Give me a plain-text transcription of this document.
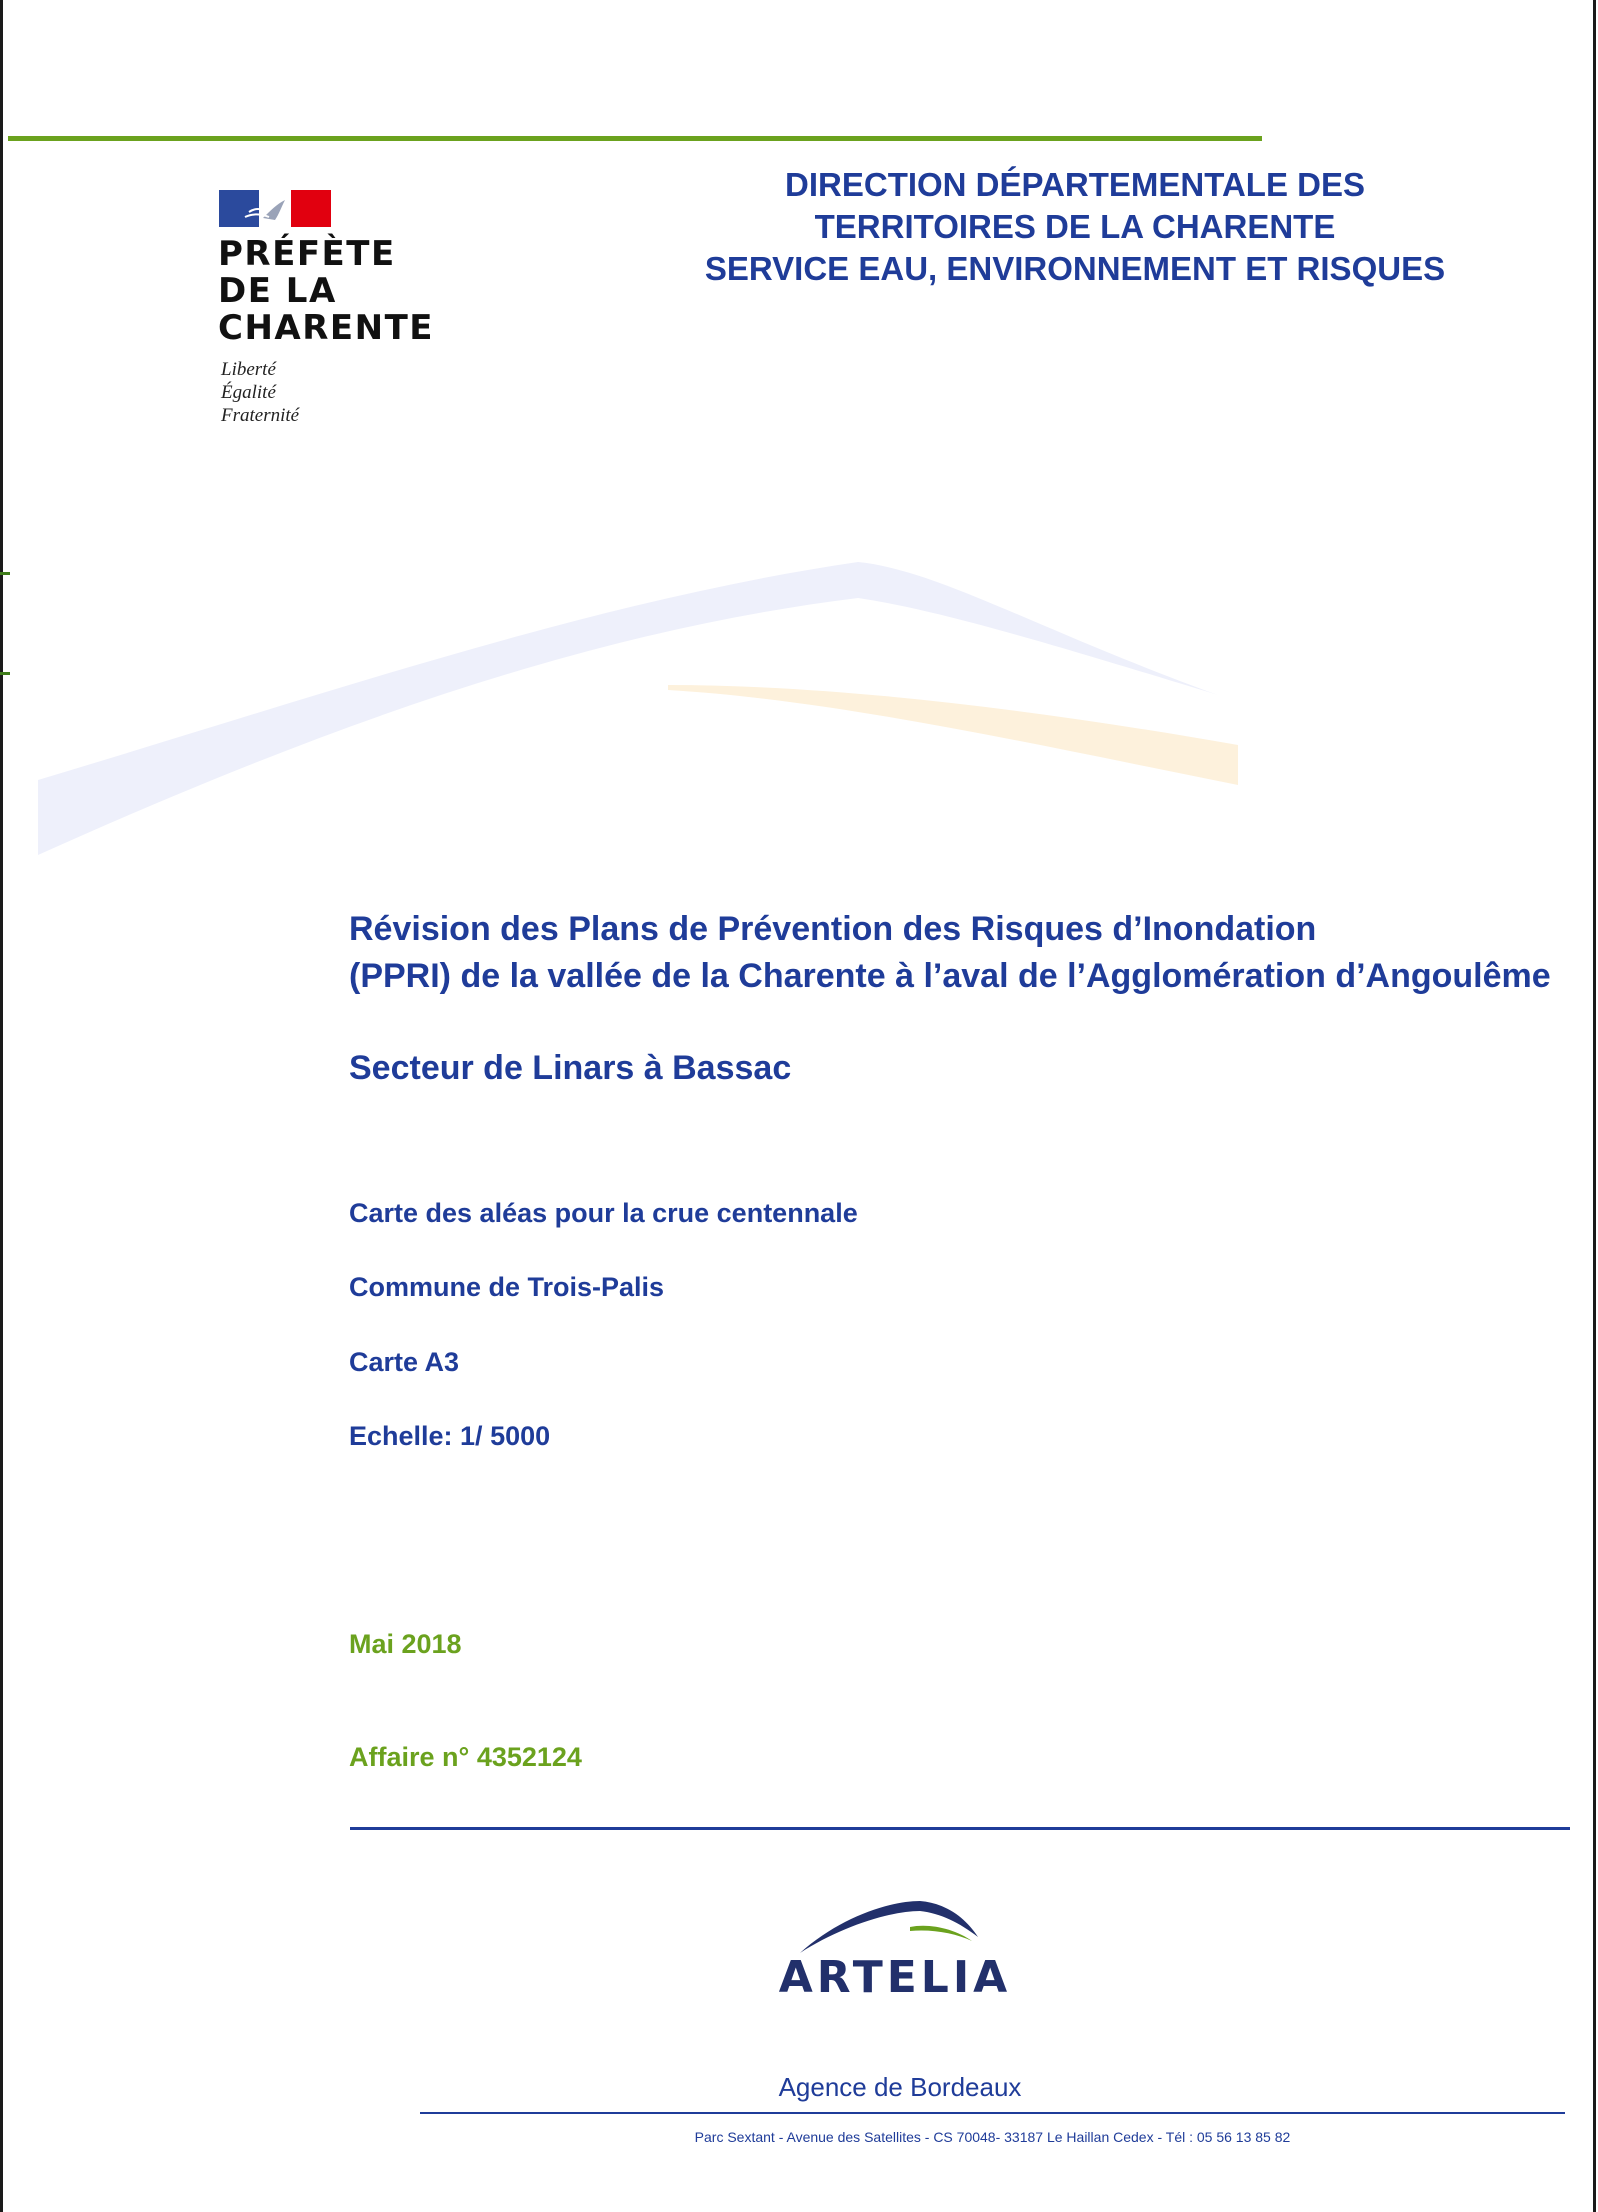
PRÉFÈTE
DE LA
CHARENTE
Liberté
Égalité
Fraternité
DIRECTION DÉPARTEMENTALE DES
TERRITOIRES DE LA CHARENTE
SERVICE EAU, ENVIRONNEMENT ET RISQUES
Révision des Plans de Prévention des Risques d’Inondation
(PPRI) de la vallée de la Charente à l’aval de l’Agglomération d’Angoulême
Secteur de Linars à Bassac
Carte des aléas pour la crue centennale
Commune de Trois-Palis
Carte A3
Echelle: 1/ 5000
Mai 2018
Affaire n° 4352124
ARTELIA
Agence de Bordeaux
Parc Sextant - Avenue des Satellites - CS 70048- 33187 Le Haillan Cedex - Tél : 05 56 13 85 82
